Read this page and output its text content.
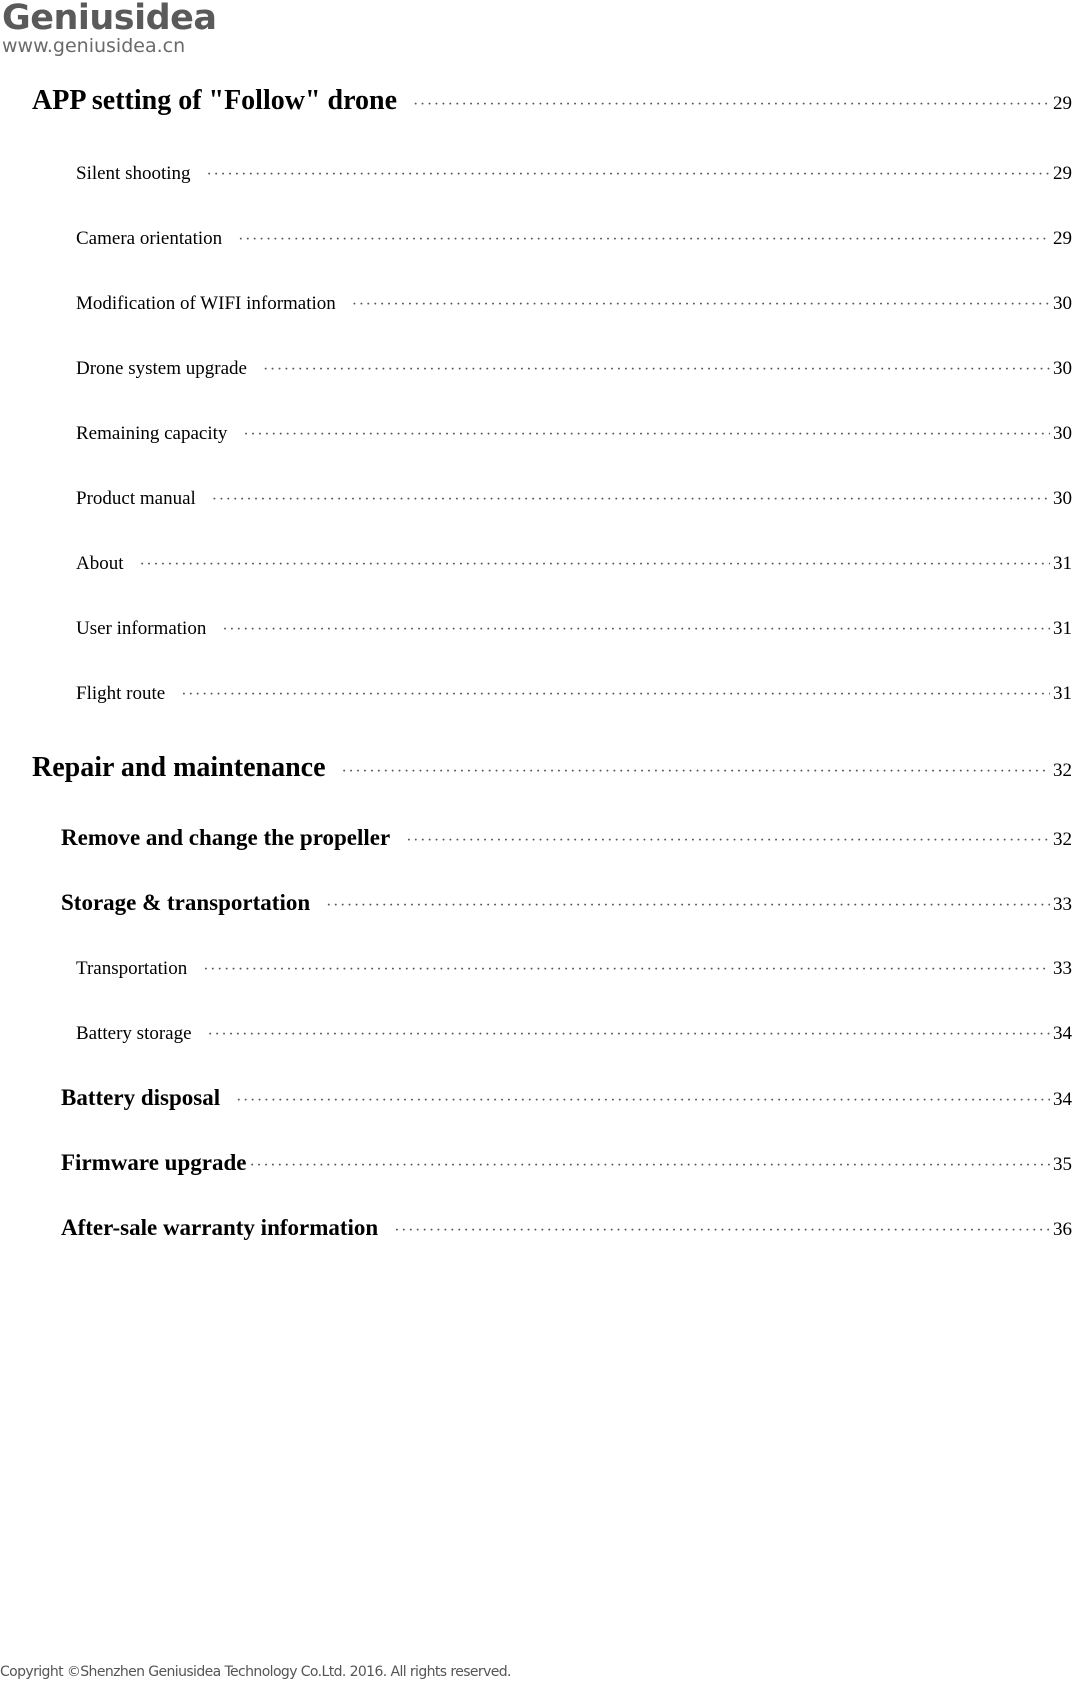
Geniusidea
www.geniusidea.cn
APP setting of "Follow" drone ·····	29
Silent shooting ·····	29
Camera orientation ·····	29
Modification of WIFI information ·····	30
Drone system upgrade ·····	30
Remaining capacity ·····	30
Product manual ·····	30
About ·····	31
User information ·····	31
Flight route ·····	31
Repair and maintenance ·····	32
Remove and change the propeller ·····	32
Storage & transportation ·····	33
Transportation ·····	33
Battery storage ·····	34
Battery disposal ·····	34
Firmware upgrade ·····	35
After-sale warranty information ·····	36
Copyright ©Shenzhen Geniusidea Technology Co.Ltd. 2016. All rights reserved.
